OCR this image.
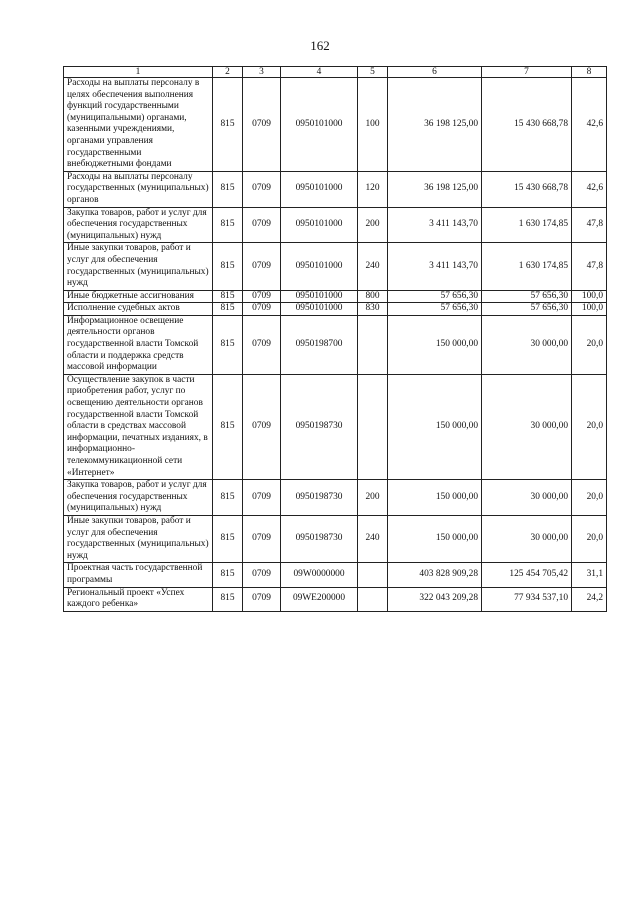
162
1	2	3	4	5	6	7	8
Расходы на выплаты персоналу в целях обеспечения выполнения функций государственными (муниципальными) органами, казенными учреждениями, органами управления государственными внебюджетными фондами	815	0709	0950101000	100	36 198 125,00	15 430 668,78	42,6
Расходы на выплаты персоналу государственных (муниципальных) органов	815	0709	0950101000	120	36 198 125,00	15 430 668,78	42,6
Закупка товаров, работ и услуг для обеспечения государственных (муниципальных) нужд	815	0709	0950101000	200	3 411 143,70	1 630 174,85	47,8
Иные закупки товаров, работ и услуг для обеспечения государственных (муниципальных) нужд	815	0709	0950101000	240	3 411 143,70	1 630 174,85	47,8
Иные бюджетные ассигнования	815	0709	0950101000	800	57 656,30	57 656,30	100,0
Исполнение судебных актов	815	0709	0950101000	830	57 656,30	57 656,30	100,0
Информационное освещение деятельности органов государственной власти Томской области и поддержка средств массовой информации	815	0709	0950198700		150 000,00	30 000,00	20,0
Осуществление закупок в части приобретения работ, услуг по освещению деятельности органов государственной власти Томской области в средствах массовой информации, печатных изданиях, в информационно-телекоммуникационной сети «Интернет»	815	0709	0950198730		150 000,00	30 000,00	20,0
Закупка товаров, работ и услуг для обеспечения государственных (муниципальных) нужд	815	0709	0950198730	200	150 000,00	30 000,00	20,0
Иные закупки товаров, работ и услуг для обеспечения государственных (муниципальных) нужд	815	0709	0950198730	240	150 000,00	30 000,00	20,0
Проектная часть государственной программы	815	0709	09W0000000		403 828 909,28	125 454 705,42	31,1
Региональный проект «Успех каждого ребенка»	815	0709	09WE200000		322 043 209,28	77 934 537,10	24,2
